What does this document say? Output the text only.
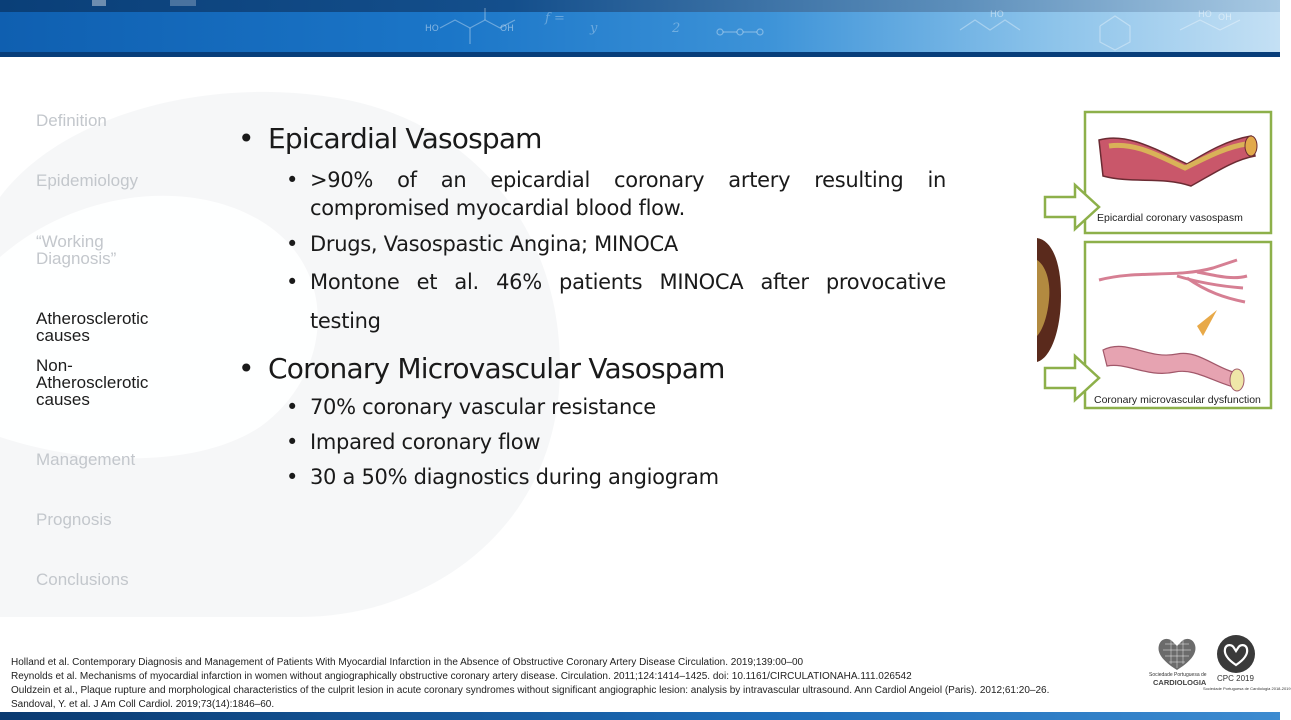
HO	OH
HO	HO OH
f =
y	2
Definition
Epidemiology
“Working
Diagnosis”
Atherosclerotic
causes
Non-
Atherosclerotic
causes
Management
Prognosis
Conclusions
• Epicardial Vasospam
• >90% of an epicardial coronary artery resulting in
compromised myocardial blood flow.
• Drugs, Vasospastic Angina; MINOCA
• Montone et al. 46% patients MINOCA after provocative
testing
• Coronary Microvascular Vasospam
• 70% coronary vascular resistance
• Impared coronary flow
• 30 a 50% diagnostics during angiogram
Epicardial coronary vasospasm
Coronary microvascular dysfunction
Holland et al. Contemporary Diagnosis and Management of Patients With Myocardial Infarction in the Absence of Obstructive Coronary Artery Disease Circulation. 2019;139:00–00
Reynolds et al. Mechanisms of myocardial infarction in women without angiographically obstructive coronary artery disease. Circulation. 2011;124:1414–1425. doi: 10.1161/CIRCULATIONAHA.111.026542
Ouldzein et al., Plaque rupture and morphological characteristics of the culprit lesion in acute coronary syndromes without significant angiographic lesion: analysis by intravascular ultrasound. Ann Cardiol Angeiol (Paris). 2012;61:20–26.
Sandoval, Y. et al. J Am Coll Cardiol. 2019;73(14):1846–60.
Sociedade Portuguesa de
CARDIOLOGIA CPC 2019
Sociedade Portuguesa de Cardiologia 2018-2019
